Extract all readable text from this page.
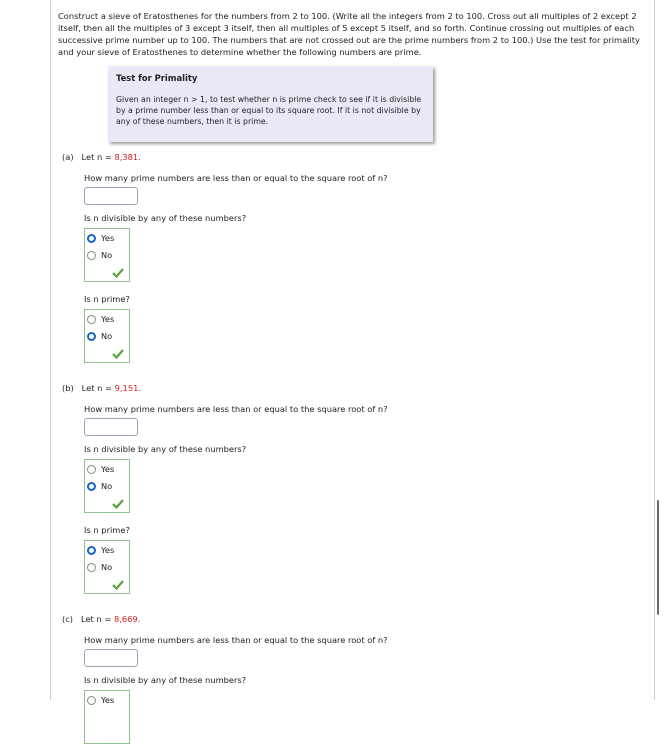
Construct a sieve of Eratosthenes for the numbers from 2 to 100. (Write all the integers from 2 to 100. Cross out all multiples of 2 except 2 itself, then all the multiples of 3 except 3 itself, then all multiples of 5 except 5 itself, and so forth. Continue crossing out multiples of each successive prime number up to 100. The numbers that are not crossed out are the prime numbers from 2 to 100.) Use the test for primality and your sieve of Eratosthenes to determine whether the following numbers are prime.
Test for Primality
Given an integer n > 1, to test whether n is prime check to see if it is divisible by a prime number less than or equal to its square root. If it is not divisible by any of these numbers, then it is prime.
(a) Let n = 8,381.
How many prime numbers are less than or equal to the square root of n?
Is n divisible by any of these numbers?
Yes
No
Is n prime?
Yes
No
(b) Let n = 9,151.
How many prime numbers are less than or equal to the square root of n?
Is n divisible by any of these numbers?
Yes
No
Is n prime?
Yes
No
(c) Let n = 8,669.
How many prime numbers are less than or equal to the square root of n?
Is n divisible by any of these numbers?
Yes
